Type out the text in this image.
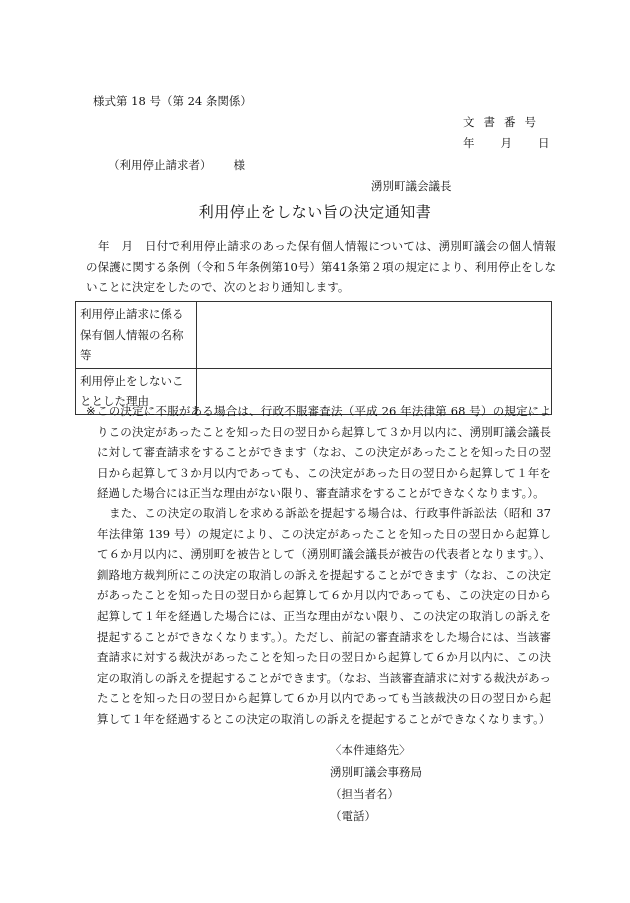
様式第 18 号（第 24 条関係）
文書番号
年 月 日
（利用停止請求者） 様
湧別町議会議長
利用停止をしない旨の決定通知書
年　月　日付で利用停止請求のあった保有個人情報については、湧別町議会の個人情報の保護に関する条例（令和５年条例第10号）第41条第２項の規定により、利用停止をしないことに決定をしたので、次のとおり通知します。
利用停止請求に係る保有個人情報の名称等	
利用停止をしないこととした理由	
※ この決定に不服がある場合は、行政不服審査法（平成 26 年法律第 68 号）の規定によりこの決定があったことを知った日の翌日から起算して３か月以内に、湧別町議会議長に対して審査請求をすることができます（なお、この決定があったことを知った日の翌日から起算して３か月以内であっても、この決定があった日の翌日から起算して１年を経過した場合には正当な理由がない限り、審査請求をすることができなくなります。）。
また、この決定の取消しを求める訴訟を提起する場合は、行政事件訴訟法（昭和 37 年法律第 139 号）の規定により、この決定があったことを知った日の翌日から起算して６か月以内に、湧別町を被告として（湧別町議会議長が被告の代表者となります。）、釧路地方裁判所にこの決定の取消しの訴えを提起することができます（なお、この決定があったことを知った日の翌日から起算して６か月以内であっても、この決定の日から起算して１年を経過した場合には、正当な理由がない限り、この決定の取消しの訴えを提起することができなくなります。）。ただし、前記の審査請求をした場合には、当該審査請求に対する裁決があったことを知った日の翌日から起算して６か月以内に、この決定の取消しの訴えを提起することができます。（なお、当該審査請求に対する裁決があったことを知った日の翌日から起算して６か月以内であっても当該裁決の日の翌日から起算して１年を経過するとこの決定の取消しの訴えを提起することができなくなります。）
〈本件連絡先〉
湧別町議会事務局
（担当者名）
（電話）
